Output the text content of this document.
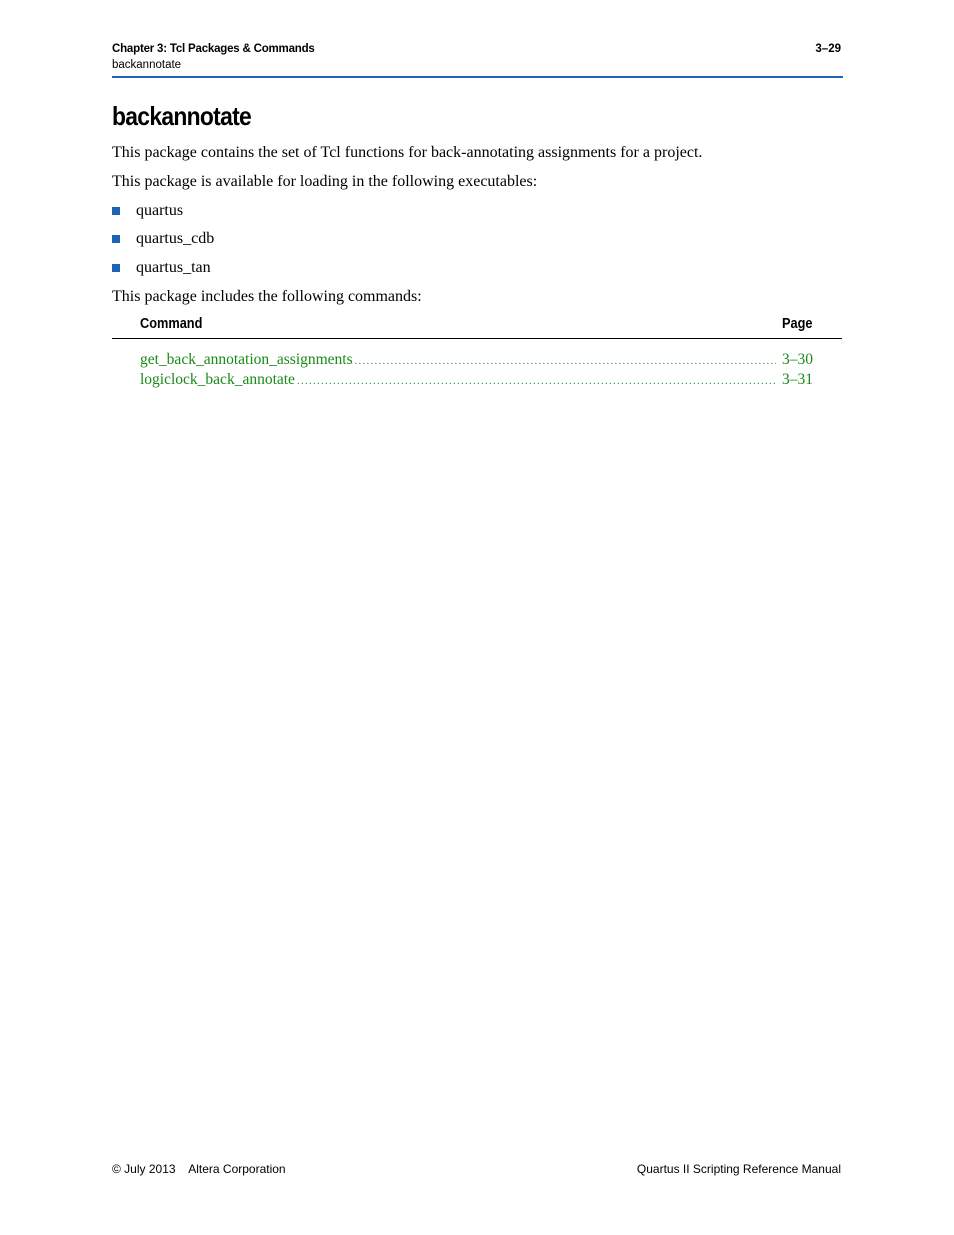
Chapter 3: Tcl Packages & Commands
backannotate
3–29
backannotate

This package contains the set of Tcl functions for back-annotating assignments for a project.

This package is available for loading in the following executables:

quartus
quartus_cdb
quartus_tan

This package includes the following commands:

Command	Page
get_back_annotation_assignments .....	3–30
logiclock_back_annotate .....	3–31
© July 2013    Altera Corporation	Quartus II Scripting Reference Manual
